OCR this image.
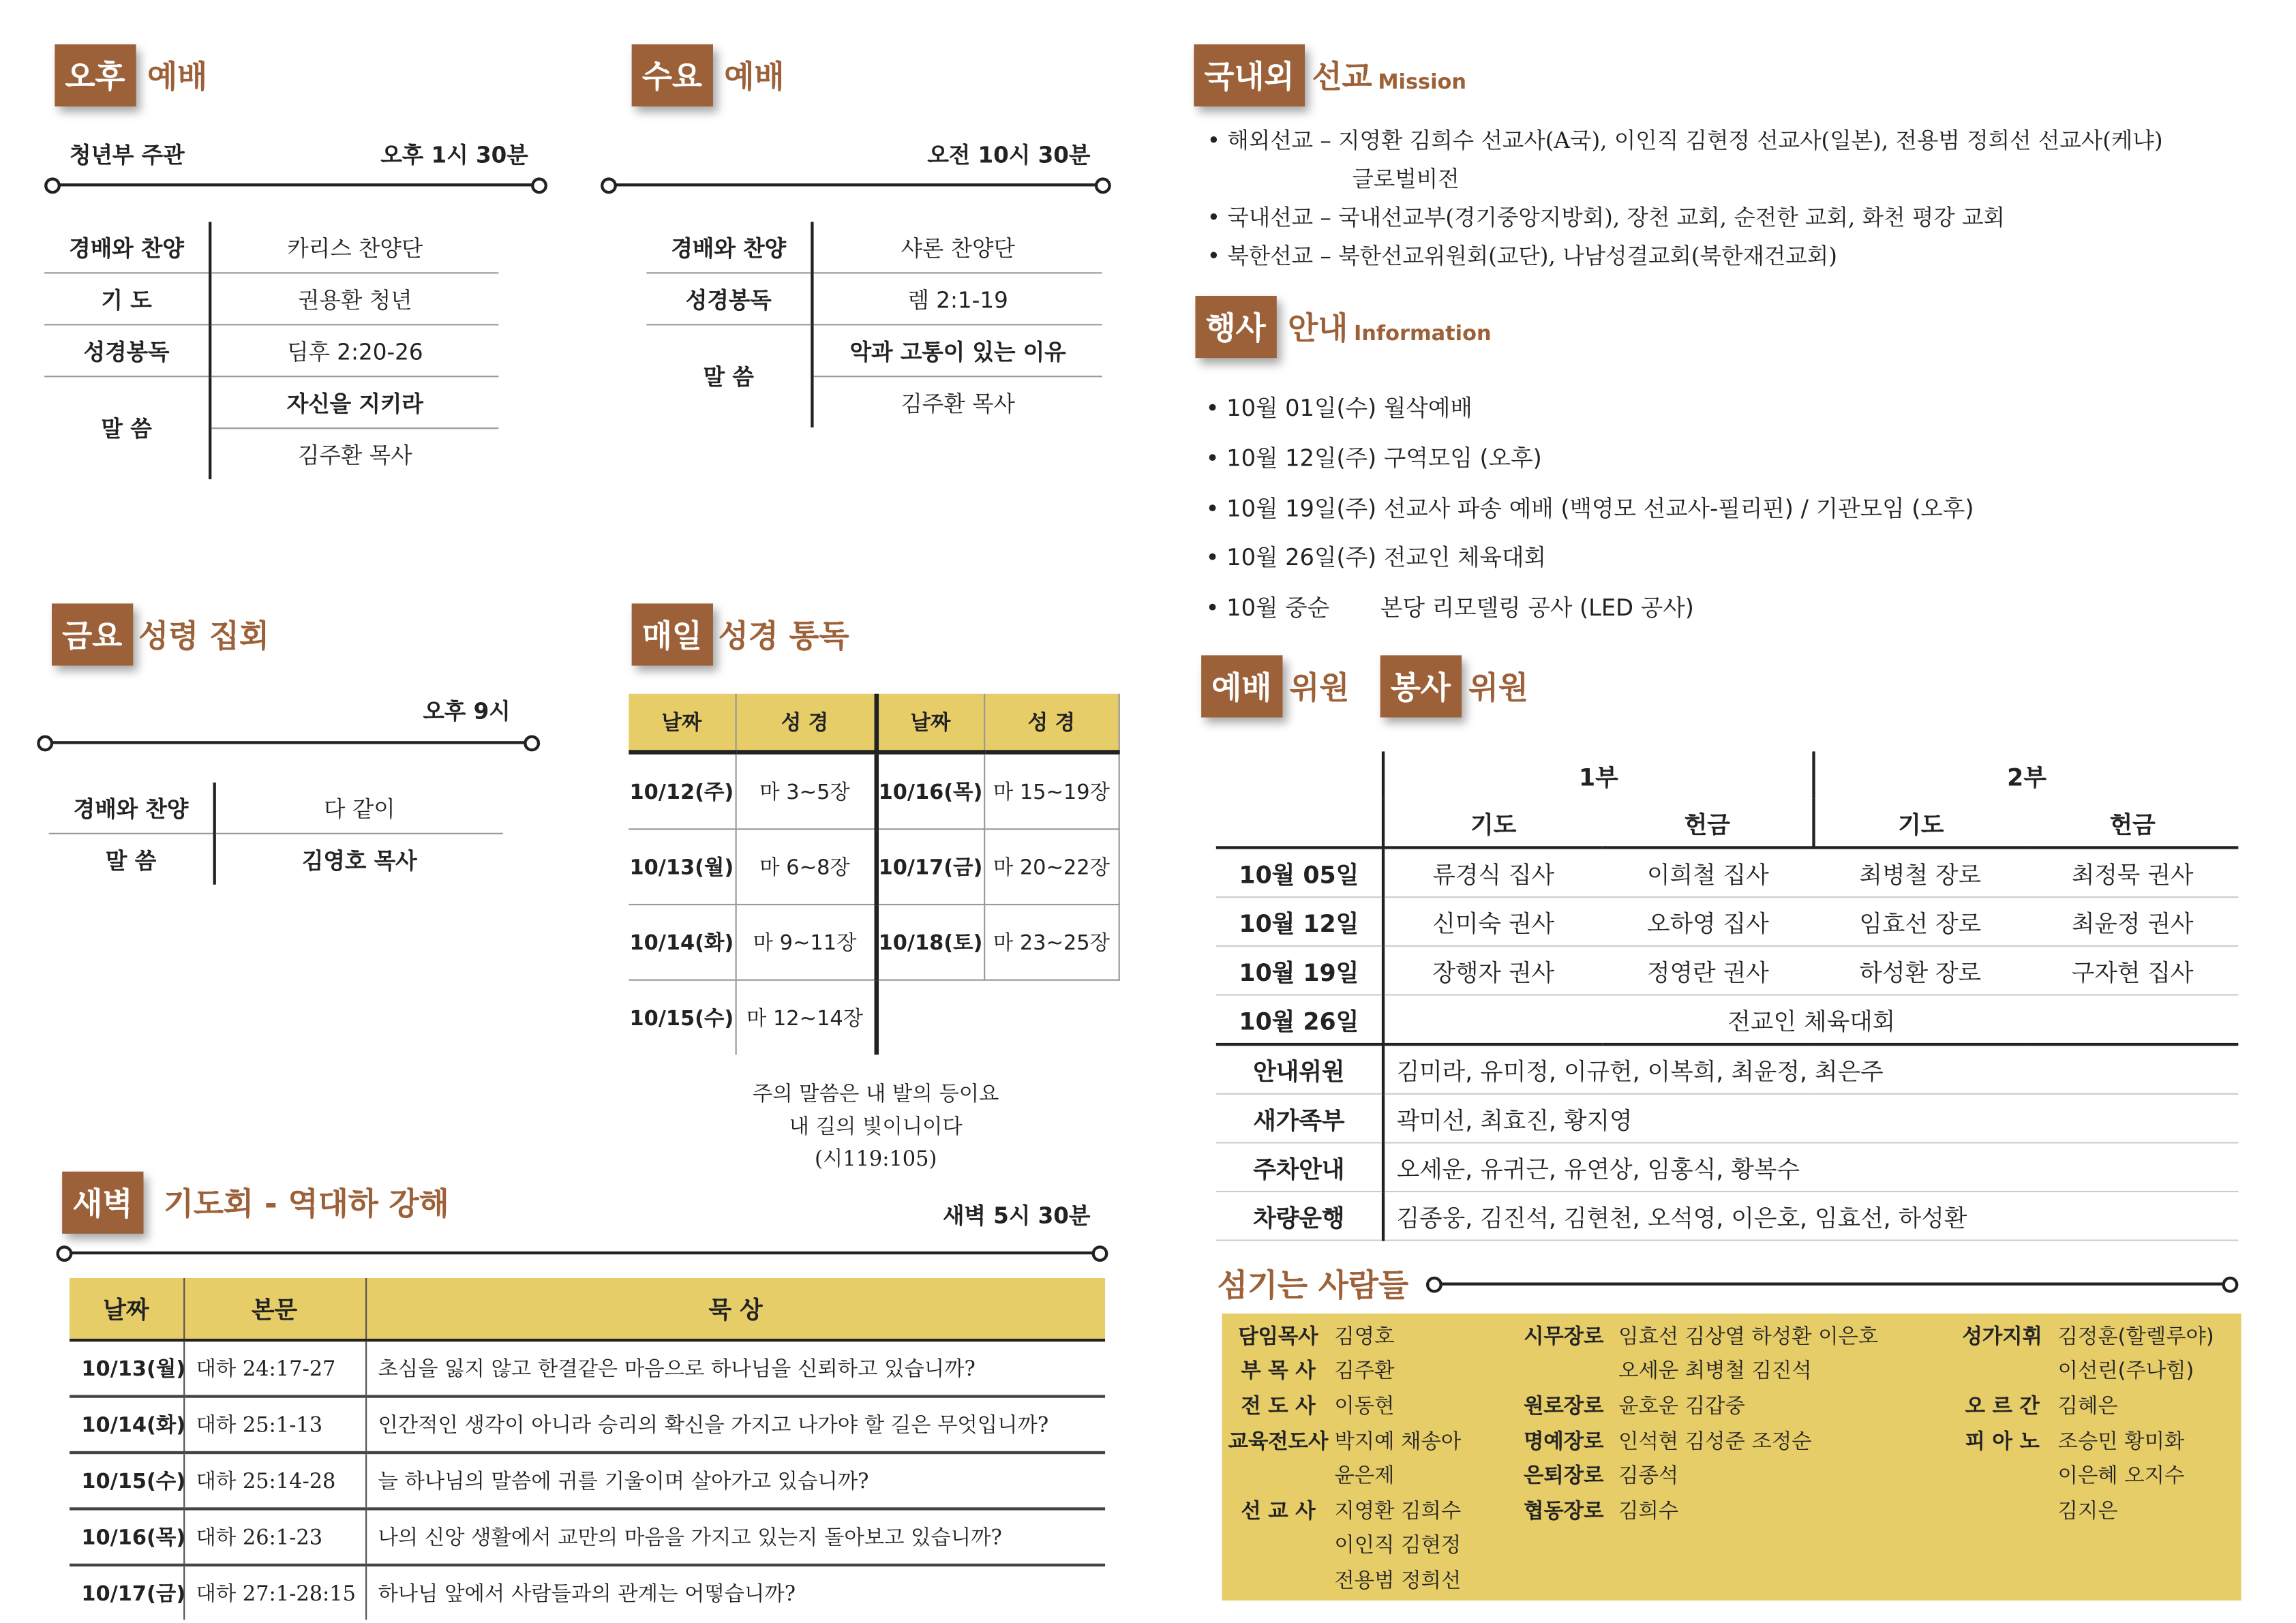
오후	예배
청년부 주관	오후 1시 30분
경배와 찬양	카리스 찬양단
기 도	권용환 청년
성경봉독	딤후 2:20-26
말 씀	자신을 지키라
	김주환 목사
수요	예배
오전 10시 30분
경배와 찬양	샤론 찬양단
성경봉독	렘 2:1-19
말 씀	악과 고통이 있는 이유
	김주환 목사
금요	성령 집회
오후 9시
경배와 찬양	다 같이
말 씀	김영호 목사
매일	성경 통독
날짜	성 경	날짜	성 경
10/12(주)	마 3~5장	10/16(목)	마 15~19장
10/13(월)	마 6~8장	10/17(금)	마 20~22장
10/14(화)	마 9~11장	10/18(토)	마 23~25장
10/15(수)	마 12~14장		
주의 말씀은 내 발의 등이요
내 길의 빛이니이다
(시119:105)
새벽	기도회 - 역대하 강해	새벽 5시 30분
날짜	본문	묵 상
10/13(월)	대하 24:17-27	초심을 잃지 않고 한결같은 마음으로 하나님을 신뢰하고 있습니까?
10/14(화)	대하 25:1-13	인간적인 생각이 아니라 승리의 확신을 가지고 나가야 할 길은 무엇입니까?
10/15(수)	대하 25:14-28	늘 하나님의 말씀에 귀를 기울이며 살아가고 있습니까?
10/16(목)	대하 26:1-23	나의 신앙 생활에서 교만의 마음을 가지고 있는지 돌아보고 있습니까?
10/17(금)	대하 27:1-28:15	하나님 앞에서 사람들과의 관계는 어떻습니까?
국내외	선교 Mission
• 해외선교 – 지영환 김희수 선교사(A국), 이인직 김현정 선교사(일본), 전용범 정희선 선교사(케냐)
글로벌비전
• 국내선교 – 국내선교부(경기중앙지방회), 장천 교회, 순전한 교회, 화천 평강 교회
• 북한선교 – 북한선교위원회(교단), 나남성결교회(북한재건교회)
행사	안내 Information
• 10월 01일(수) 월삭예배
• 10월 12일(주) 구역모임 (오후)
• 10월 19일(주) 선교사 파송 예배 (백영모 선교사-필리핀) / 기관모임 (오후)
• 10월 26일(주) 전교인 체육대회
• 10월 중순       본당 리모델링 공사 (LED 공사)
예배	위원	봉사	위원
	1부		2부	
	기도	헌금	기도	헌금
10월 05일	류경식 집사	이희철 집사	최병철 장로	최정묵 권사
10월 12일	신미숙 권사	오하영 집사	임효선 장로	최윤정 권사
10월 19일	장행자 권사	정영란 권사	하성환 장로	구자현 집사
10월 26일	전교인 체육대회			
안내위원	김미라, 유미정, 이규헌, 이복희, 최윤정, 최은주			
새가족부	곽미선, 최효진, 황지영			
주차안내	오세운, 유귀근, 유연상, 임홍식, 황복수			
차량운행	김종웅, 김진석, 김현천, 오석영, 이은호, 임효선, 하성환			
섬기는 사람들
담임목사	김영호	시무장로	임효선 김상열 하성환 이은호	성가지휘	김정훈(할렐루야)
부 목 사	김주환		오세운 최병철 김진석		이선린(주나힘)
전 도 사	이동현	원로장로	윤호운 김갑중	오 르 간	김혜은
교육전도사	박지예 채송아	명예장로	인석현 김성준 조정순	피 아 노	조승민 황미화
	윤은제	은퇴장로	김종석		이은혜 오지수
선 교 사	지영환 김희수	협동장로	김희수		김지은
	이인직 김현정				
	전용범 정희선				
